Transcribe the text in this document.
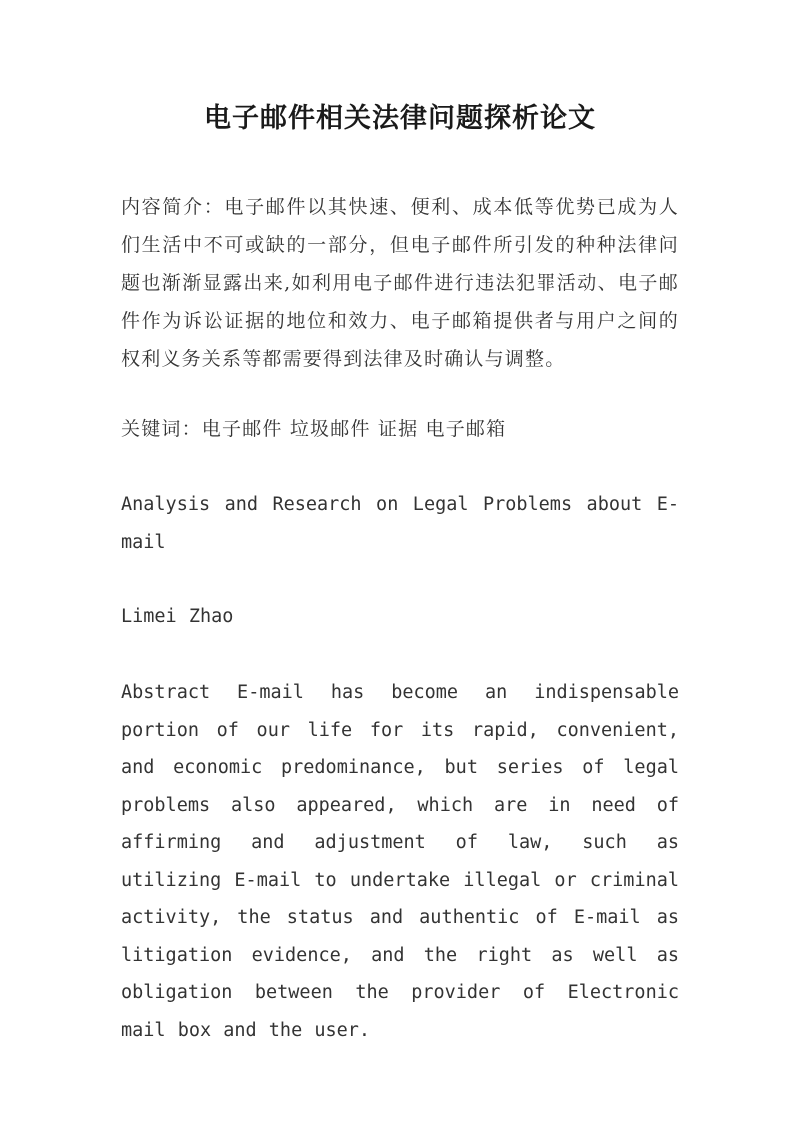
电子邮件相关法律问题探析论文

内容简介：电子邮件以其快速、便利、成本低等优势已成为人们生活中不可或缺的一部分，但电子邮件所引发的种种法律问题也渐渐显露出来,如利用电子邮件进行违法犯罪活动、电子邮件作为诉讼证据的地位和效力、电子邮箱提供者与用户之间的权利义务关系等都需要得到法律及时确认与调整。

关键词：电子邮件 垃圾邮件 证据 电子邮箱

Analysis and Research on Legal Problems about E-mail

Limei Zhao

Abstract E-mail has become an indispensable portion of our life for its rapid, convenient, and economic predominance, but series of legal problems also appeared, which are in need of affirming and adjustment of law, such as utilizing E-mail to undertake illegal or criminal activity, the status and authentic of E-mail as litigation evidence, and the right as well as obligation between the provider of Electronic mail box and the user.
